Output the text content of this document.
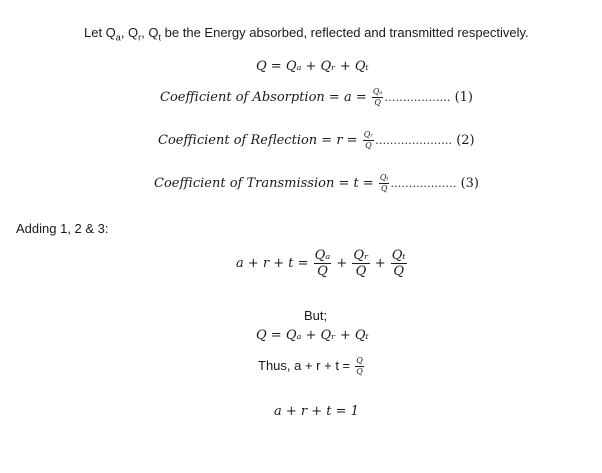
Let $Q_a$, $Q_r$, $Q_t$ be the Energy absorbed, reflected and transmitted respectively.
Q = Qₐ + Qᵣ + Qₜ
Coefficient of Absorption = $a = \frac{\text{Qₐ}}{Q}$ ……………… (1)
Coefficient of Reflection = $r = \frac{\text{Qᵣ}}{Q}$ ………………… (2)
Coefficient of Transmission = $t = \frac{\text{Qₜ}}{Q}$ ……………… (3)
Adding 1, 2 & 3:
$a + r + t = \frac{\text{Qₐ}}{Q} + \frac{\text{Qᵣ}}{Q} + \frac{\text{Qₜ}}{Q}$
But;
Q = Qₐ + Qᵣ + Qₜ
Thus, $a + r + t = \frac{Q}{Q}$
a + r + t = 1
